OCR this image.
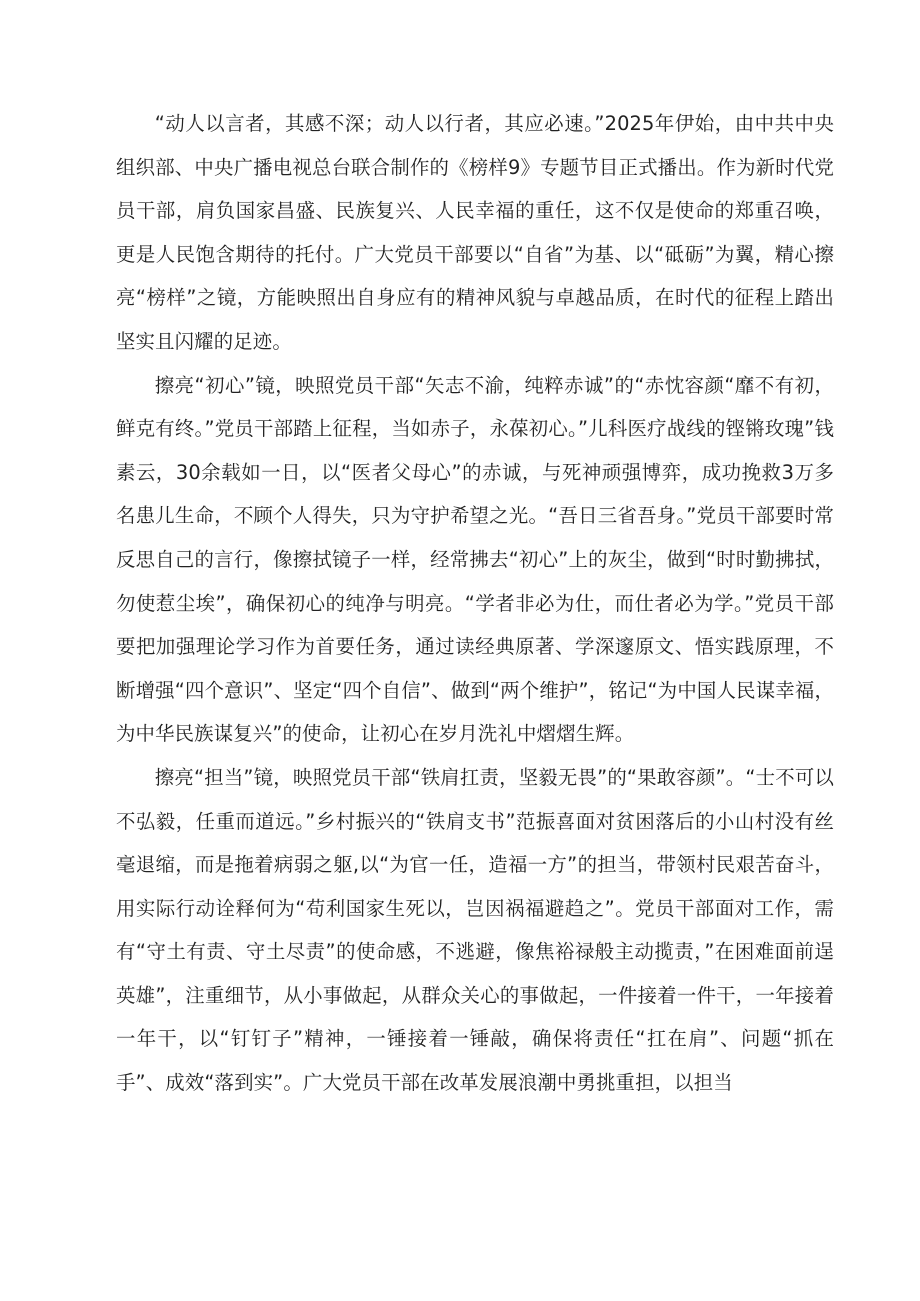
“动人以言者，其感不深；动人以行者，其应必速。”2025年伊始，由中共中央组织部、中央广播电视总台联合制作的《榜样9》专题节目正式播出。作为新时代党员干部，肩负国家昌盛、民族复兴、人民幸福的重任，这不仅是使命的郑重召唤，更是人民饱含期待的托付。广大党员干部要以“自省”为基、以“砥砺”为翼，精心擦亮“榜样”之镜，方能映照出自身应有的精神风貌与卓越品质，在时代的征程上踏出坚实且闪耀的足迹。

擦亮“初心”镜，映照党员干部“矢志不渝，纯粹赤诚”的“赤忱容颜“靡不有初，鲜克有终。”党员干部踏上征程，当如赤子，永葆初心。”儿科医疗战线的铿锵玫瑰”钱素云，30余载如一日，以“医者父母心”的赤诚，与死神顽强博弈，成功挽救3万多名患儿生命，不顾个人得失，只为守护希望之光。“吾日三省吾身。”党员干部要时常反思自己的言行，像擦拭镜子一样，经常拂去“初心”上的灰尘，做到“时时勤拂拭，勿使惹尘埃”，确保初心的纯净与明亮。“学者非必为仕，而仕者必为学。”党员干部要把加强理论学习作为首要任务，通过读经典原著、学深邃原文、悟实践原理，不断增强“四个意识”、坚定“四个自信”、做到“两个维护”，铭记“为中国人民谋幸福，为中华民族谋复兴”的使命，让初心在岁月洗礼中熠熠生辉。

擦亮“担当”镜，映照党员干部“铁肩扛责，坚毅无畏”的“果敢容颜”。“士不可以不弘毅，任重而道远。”乡村振兴的“铁肩支书”范振喜面对贫困落后的小山村没有丝毫退缩，而是拖着病弱之躯,以“为官一任，造福一方”的担当，带领村民艰苦奋斗，用实际行动诠释何为“苟利国家生死以，岂因祸福避趋之”。党员干部面对工作，需有“守土有责、守土尽责”的使命感，不逃避，像焦裕禄般主动揽责，”在困难面前逞英雄”，注重细节，从小事做起，从群众关心的事做起，一件接着一件干，一年接着一年干，以“钉钉子”精神，一锤接着一锤敲，确保将责任“扛在肩”、问题“抓在手”、成效“落到实”。广大党员干部在改革发展浪潮中勇挑重担，以担当
